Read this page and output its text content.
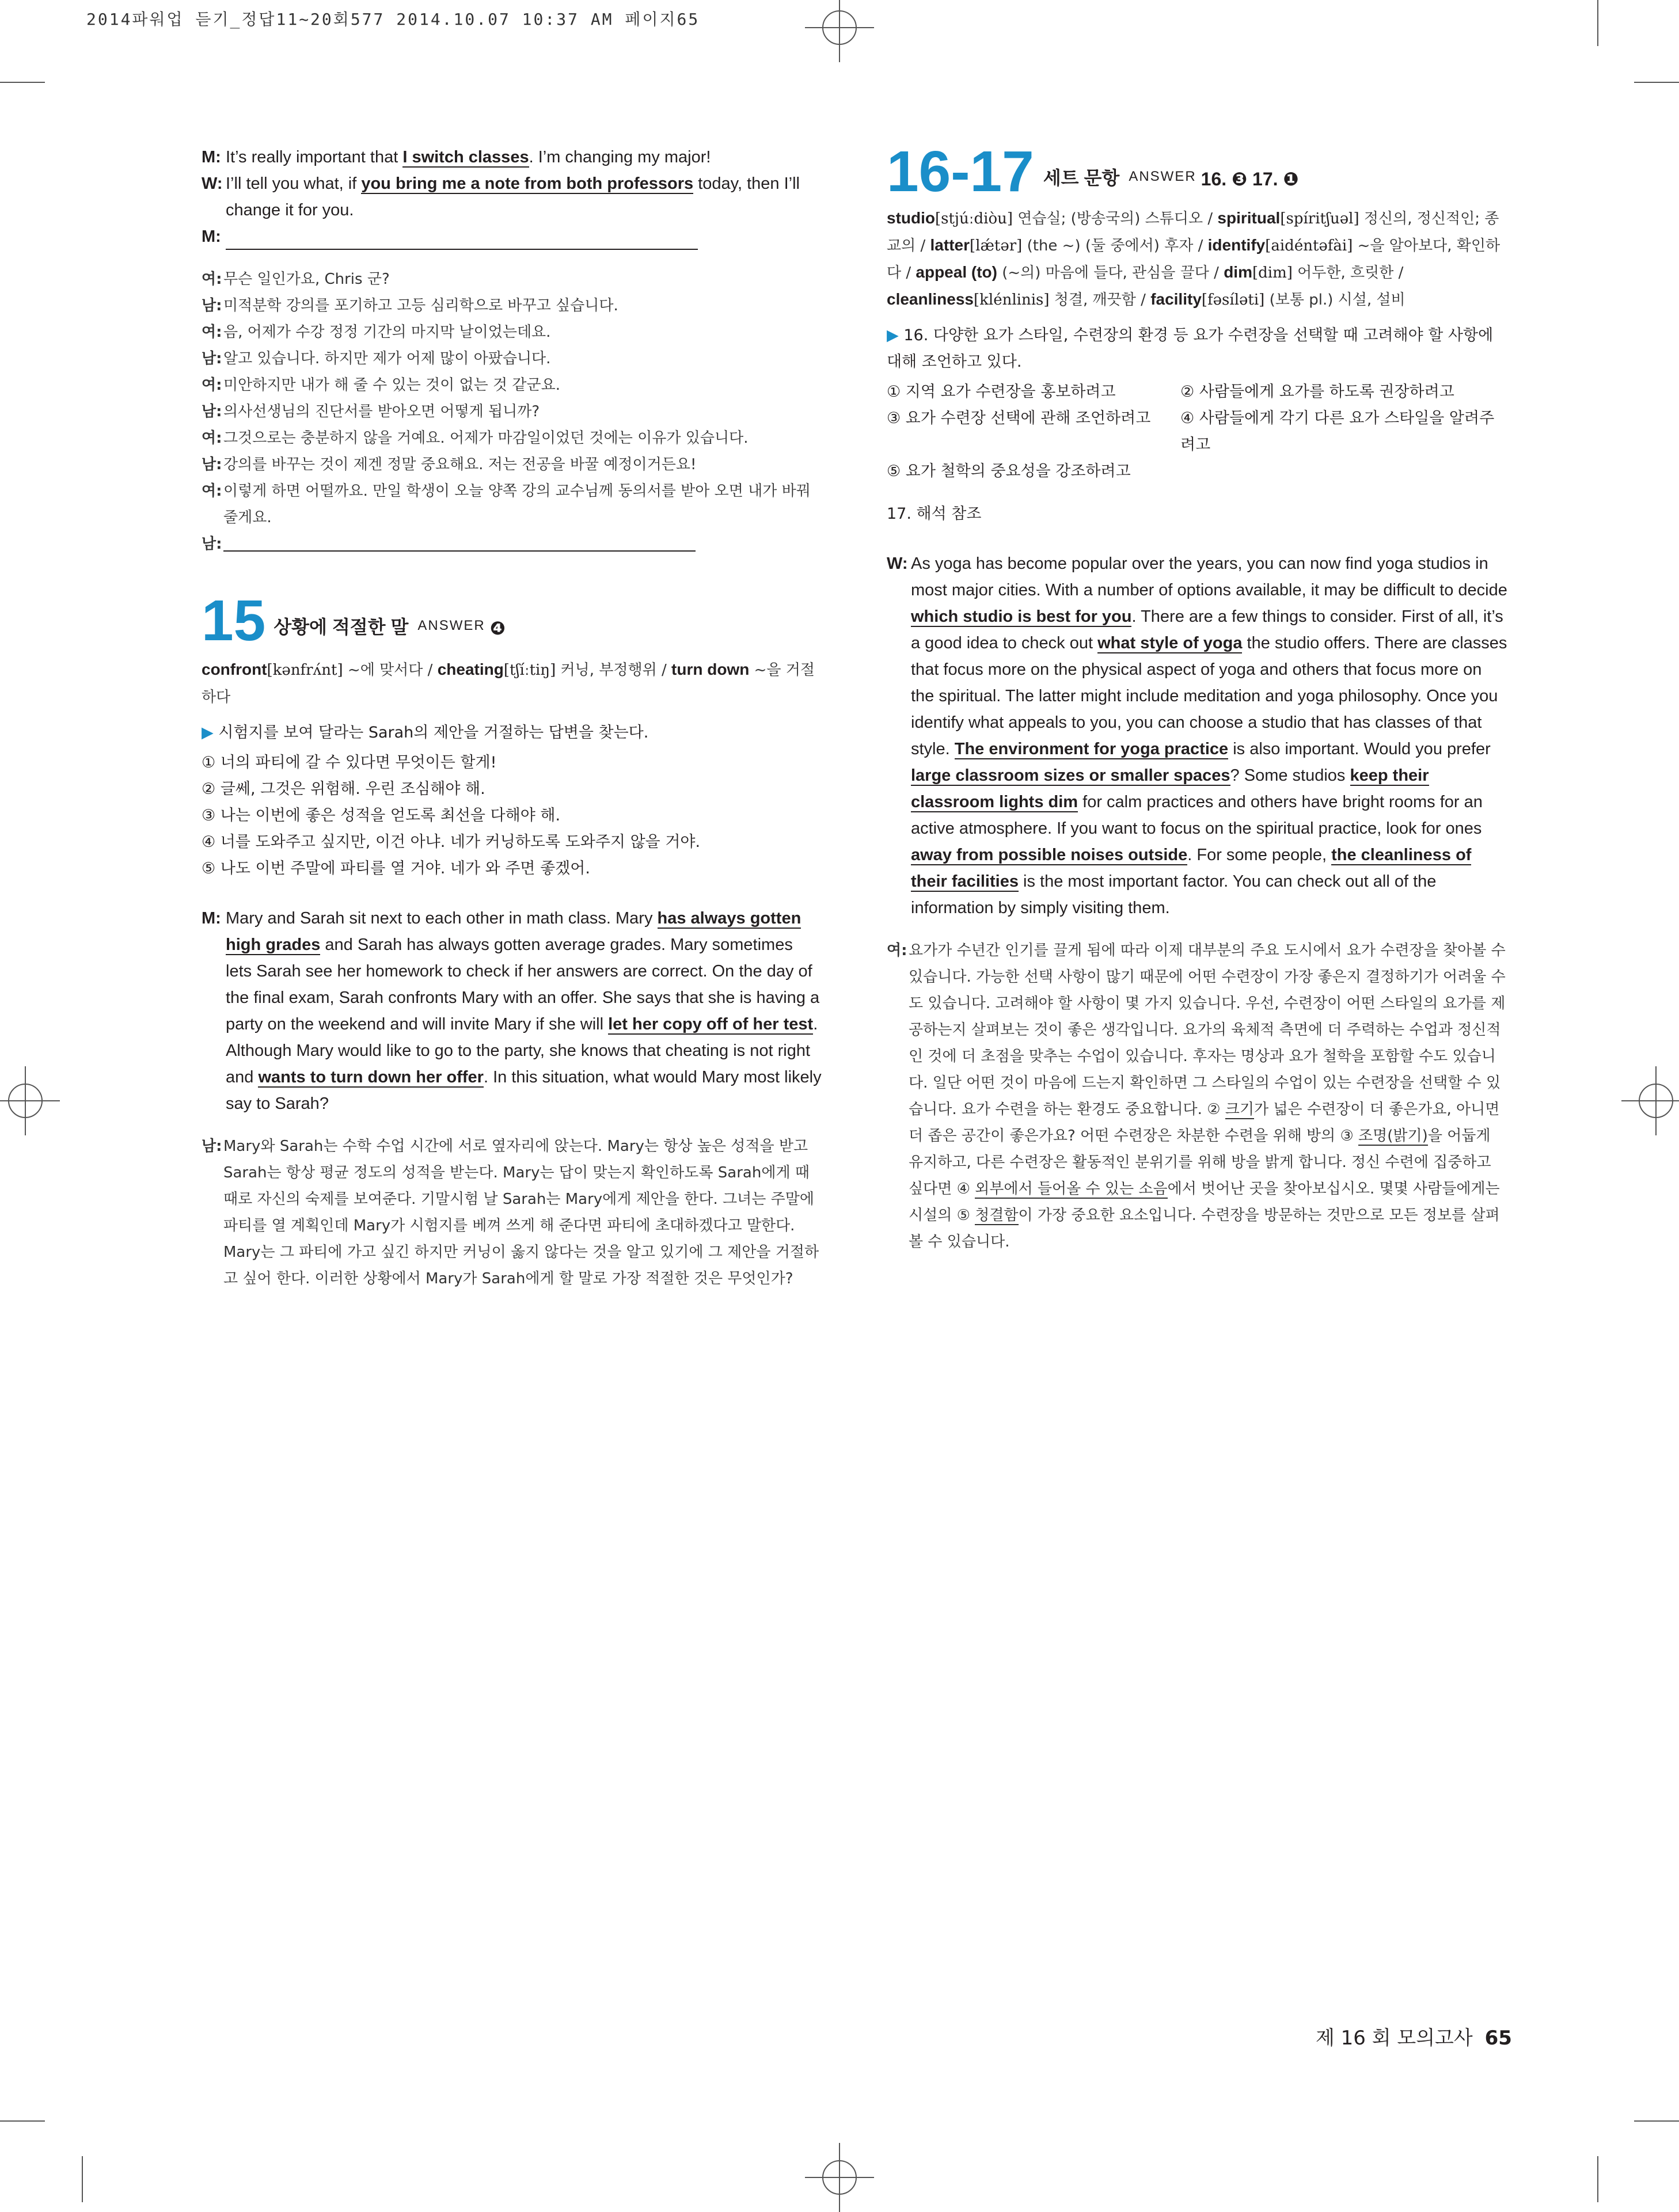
2014파워업 듣기_정답11~20회577 2014.10.07 10:37 AM 페이지65
M: It’s really important that I switch classes. I’m changing my major!
W: I’ll tell you what, if you bring me a note from both professors today, then I’ll change it for you.
M:
여: 무슨 일인가요, Chris 군?
남: 미적분학 강의를 포기하고 고등 심리학으로 바꾸고 싶습니다.
여: 음, 어제가 수강 정정 기간의 마지막 날이었는데요.
남: 알고 있습니다. 하지만 제가 어제 많이 아팠습니다.
여: 미안하지만 내가 해 줄 수 있는 것이 없는 것 같군요.
남: 의사선생님의 진단서를 받아오면 어떻게 됩니까?
여: 그것으로는 충분하지 않을 거예요. 어제가 마감일이었던 것에는 이유가 있습니다.
남: 강의를 바꾸는 것이 제겐 정말 중요해요. 저는 전공을 바꿀 예정이거든요!
여: 이렇게 하면 어떨까요. 만일 학생이 오늘 양쪽 강의 교수님께 동의서를 받아 오면 내가 바꿔줄게요.
남:
15 상황에 적절한 말 ANSWER ❹
confront[kənfrʌ́nt] ~에 맞서다 / cheating[tʃíːtiŋ] 커닝, 부정행위 / turn down ~을 거절하다
▶ 시험지를 보여 달라는 Sarah의 제안을 거절하는 답변을 찾는다.
① 너의 파티에 갈 수 있다면 무엇이든 할게!
② 글쎄, 그것은 위험해. 우린 조심해야 해.
③ 나는 이번에 좋은 성적을 얻도록 최선을 다해야 해.
④ 너를 도와주고 싶지만, 이건 아냐. 네가 커닝하도록 도와주지 않을 거야.
⑤ 나도 이번 주말에 파티를 열 거야. 네가 와 주면 좋겠어.
M: Mary and Sarah sit next to each other in math class. Mary has always gotten high grades and Sarah has always gotten average grades. Mary sometimes lets Sarah see her homework to check if her answers are correct. On the day of the final exam, Sarah confronts Mary with an offer. She says that she is having a party on the weekend and will invite Mary if she will let her copy off of her test. Although Mary would like to go to the party, she knows that cheating is not right and wants to turn down her offer. In this situation, what would Mary most likely say to Sarah?
남: Mary와 Sarah는 수학 수업 시간에 서로 옆자리에 앉는다. Mary는 항상 높은 성적을 받고 Sarah는 항상 평균 정도의 성적을 받는다. Mary는 답이 맞는지 확인하도록 Sarah에게 때때로 자신의 숙제를 보여준다. 기말시험 날 Sarah는 Mary에게 제안을 한다. 그녀는 주말에 파티를 열 계획인데 Mary가 시험지를 베껴 쓰게 해 준다면 파티에 초대하겠다고 말한다. Mary는 그 파티에 가고 싶긴 하지만 커닝이 옳지 않다는 것을 알고 있기에 그 제안을 거절하고 싶어 한다. 이러한 상황에서 Mary가 Sarah에게 할 말로 가장 적절한 것은 무엇인가?
16-17 세트 문항 ANSWER 16. ❸ 17. ❶
studio[stjúːdiòu] 연습실; (방송국의) 스튜디오 / spiritual[spíritʃuəl] 정신의, 정신적인; 종교의 / latter[lǽtər] (the ~) (둘 중에서) 후자 / identify[aidéntəfài] ~을 알아보다, 확인하다 / appeal (to) (~의) 마음에 들다, 관심을 끌다 / dim[dim] 어두한, 흐릿한 / cleanliness[klénlinis] 청결, 깨끗함 / facility[fəsíləti] (보통 pl.) 시설, 설비
▶ 16. 다양한 요가 스타일, 수련장의 환경 등 요가 수련장을 선택할 때 고려해야 할 사항에 대해 조언하고 있다.
① 지역 요가 수련장을 홍보하려고	② 사람들에게 요가를 하도록 권장하려고
③ 요가 수련장 선택에 관해 조언하려고	④ 사람들에게 각기 다른 요가 스타일을 알려주려고
⑤ 요가 철학의 중요성을 강조하려고
17. 해석 참조
W: As yoga has become popular over the years, you can now find yoga studios in most major cities. With a number of options available, it may be difficult to decide which studio is best for you. There are a few things to consider. First of all, it’s a good idea to check out what style of yoga the studio offers. There are classes that focus more on the physical aspect of yoga and others that focus more on the spiritual. The latter might include meditation and yoga philosophy. Once you identify what appeals to you, you can choose a studio that has classes of that style. The environment for yoga practice is also important. Would you prefer large classroom sizes or smaller spaces? Some studios keep their classroom lights dim for calm practices and others have bright rooms for an active atmosphere. If you want to focus on the spiritual practice, look for ones away from possible noises outside. For some people, the cleanliness of their facilities is the most important factor. You can check out all of the information by simply visiting them.
여: 요가가 수년간 인기를 끌게 됨에 따라 이제 대부분의 주요 도시에서 요가 수련장을 찾아볼 수 있습니다. 가능한 선택 사항이 많기 때문에 어떤 수련장이 가장 좋은지 결정하기가 어려울 수도 있습니다. 고려해야 할 사항이 몇 가지 있습니다. 우선, 수련장이 어떤 스타일의 요가를 제공하는지 살펴보는 것이 좋은 생각입니다. 요가의 육체적 측면에 더 주력하는 수업과 정신적인 것에 더 초점을 맞추는 수업이 있습니다. 후자는 명상과 요가 철학을 포함할 수도 있습니다. 일단 어떤 것이 마음에 드는지 확인하면 그 스타일의 수업이 있는 수련장을 선택할 수 있습니다. 요가 수련을 하는 환경도 중요합니다. ② 크기가 넓은 수련장이 더 좋은가요, 아니면 더 좁은 공간이 좋은가요? 어떤 수련장은 차분한 수련을 위해 방의 ③ 조명(밝기)을 어둡게 유지하고, 다른 수련장은 활동적인 분위기를 위해 방을 밝게 합니다. 정신 수련에 집중하고 싶다면 ④ 외부에서 들어올 수 있는 소음에서 벗어난 곳을 찾아보십시오. 몇몇 사람들에게는 시설의 ⑤ 청결함이 가장 중요한 요소입니다. 수련장을 방문하는 것만으로 모든 정보를 살펴볼 수 있습니다.
제 16 회 모의고사 65
